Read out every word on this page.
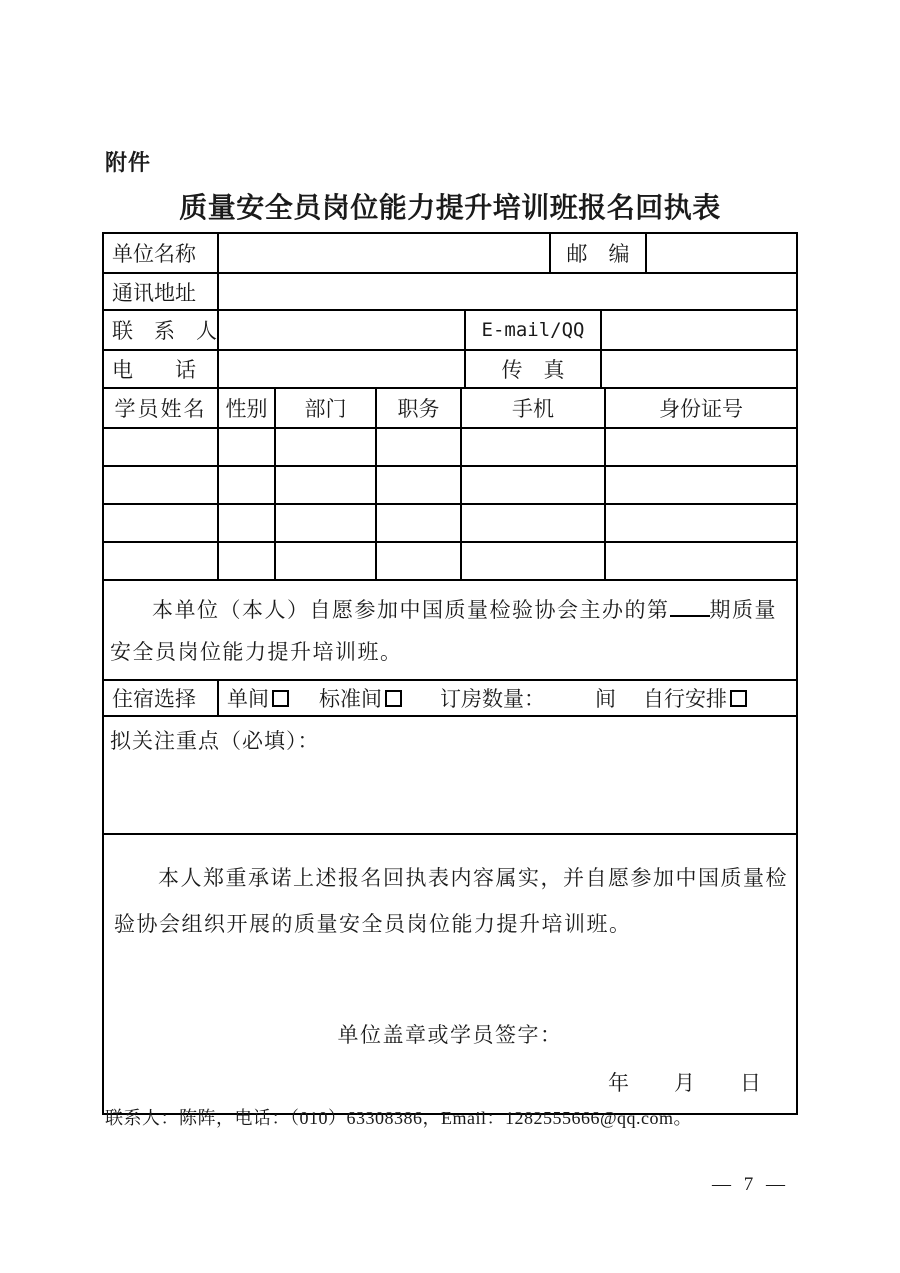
附件
质量安全员岗位能力提升培训班报名回执表
单位名称	邮　编
通讯地址
联　系　人	E-mail/QQ
电　　话	传　真
学员姓名 性别	部门	职务	手机	身份证号
本单位（本人）自愿参加中国质量检验协会主办的第 期质量
安全员岗位能力提升培训班。
住宿选择	单间 标准间	订房数量： 间 自行安排
拟关注重点（必填）：
本人郑重承诺上述报名回执表内容属实，并自愿参加中国质量检
验协会组织开展的质量安全员岗位能力提升培训班。
单位盖章或学员签字：
年　　月　　日
联系人：陈阵，电话：（010）63308386，Email：1282555666@qq.com。
— 7 —
